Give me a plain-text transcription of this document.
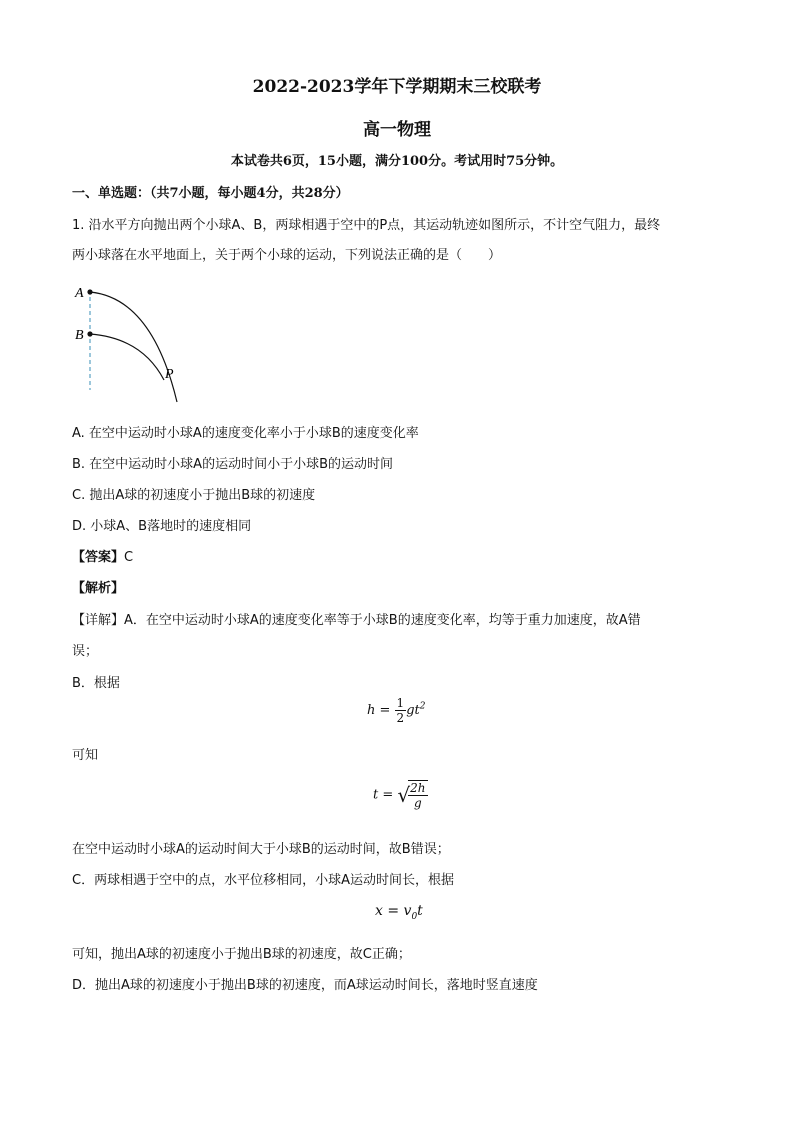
2022-2023学年下学期期末三校联考
高一物理
本试卷共6页，15小题，满分100分。考试用时75分钟。
一、单选题：（共7小题，每小题4分，共28分）
1. 沿水平方向抛出两个小球A、B，两球相遇于空中的P点，其运动轨迹如图所示，不计空气阻力，最终
两小球落在水平地面上，关于两个小球的运动，下列说法正确的是（　　）
A
B
P
A. 在空中运动时小球A的速度变化率小于小球B的速度变化率
B. 在空中运动时小球A的运动时间小于小球B的运动时间
C. 抛出A球的初速度小于抛出B球的初速度
D. 小球A、B落地时的速度相同
【答案】C
【解析】
【详解】A．在空中运动时小球A的速度变化率等于小球B的速度变化率，均等于重力加速度，故A错
误；
B．根据
$h = \frac{1}{2} gt^2$
可知
t = √
$\frac{2h}{g}$
在空中运动时小球A的运动时间大于小球B的运动时间，故B错误；
C．两球相遇于空中的点，水平位移相同，小球A运动时间长，根据
$x = v_0t$
可知，抛出A球的初速度小于抛出B球的初速度，故C正确；
D．抛出A球的初速度小于抛出B球的初速度，而A球运动时间长，落地时竖直速度
